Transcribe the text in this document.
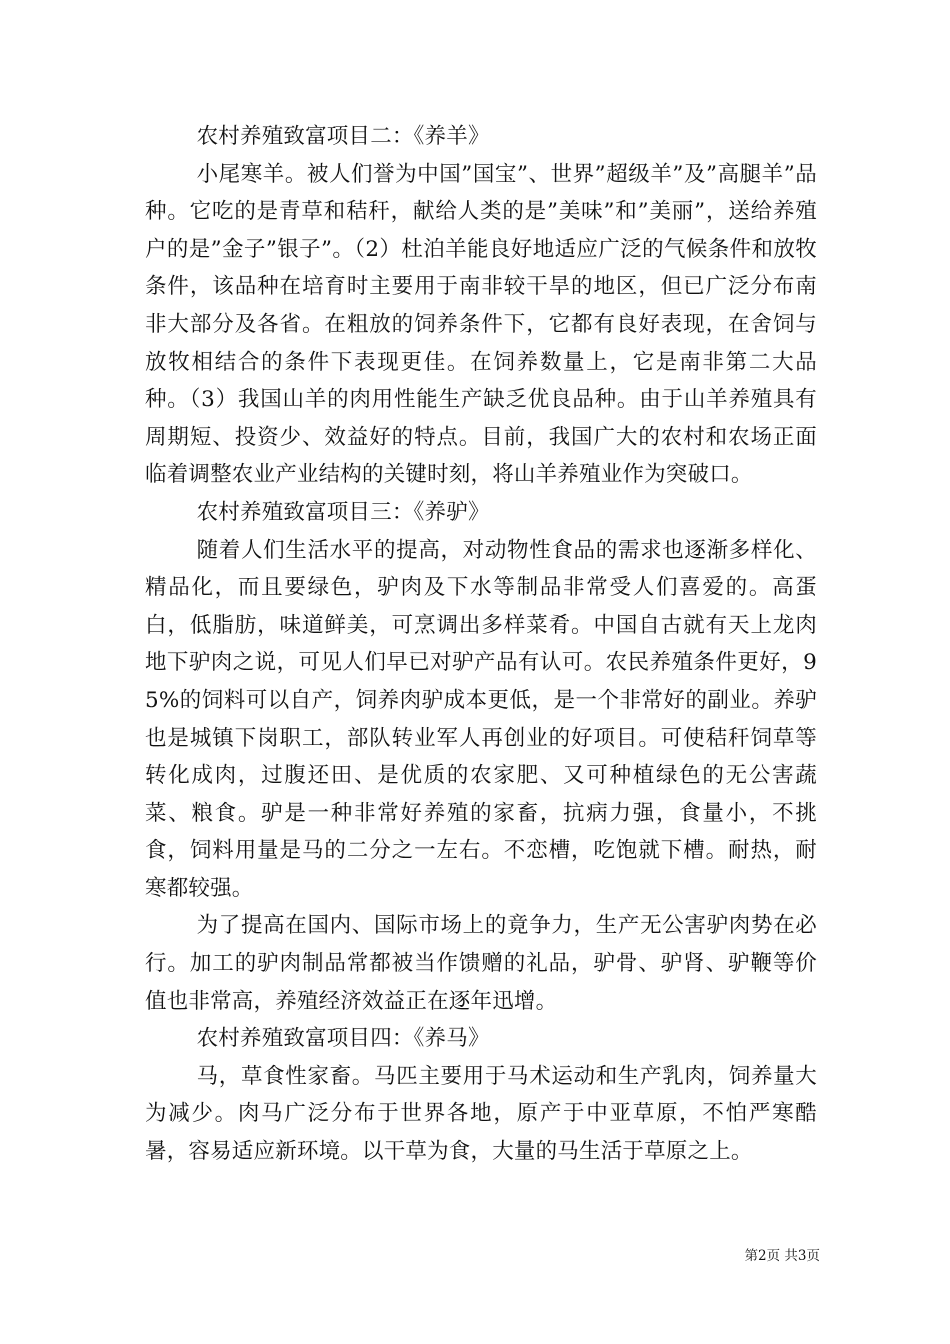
农村养殖致富项目二：《养羊》

小尾寒羊。被人们誉为中国”国宝”、世界”超级羊”及”高腿羊”品种。它吃的是青草和秸秆，献给人类的是”美味”和”美丽”，送给养殖户的是”金子”银子”。（2）杜泊羊能良好地适应广泛的气候条件和放牧条件，该品种在培育时主要用于南非较干旱的地区，但已广泛分布南非大部分及各省。在粗放的饲养条件下，它都有良好表现，在舍饲与放牧相结合的条件下表现更佳。在饲养数量上，它是南非第二大品种。（3）我国山羊的肉用性能生产缺乏优良品种。由于山羊养殖具有周期短、投资少、效益好的特点。目前，我国广大的农村和农场正面临着调整农业产业结构的关键时刻，将山羊养殖业作为突破口。

农村养殖致富项目三：《养驴》

随着人们生活水平的提高，对动物性食品的需求也逐渐多样化、精品化，而且要绿色，驴肉及下水等制品非常受人们喜爱的。高蛋白，低脂肪，味道鲜美，可烹调出多样菜肴。中国自古就有天上龙肉地下驴肉之说，可见人们早已对驴产品有认可。农民养殖条件更好，95%的饲料可以自产，饲养肉驴成本更低，是一个非常好的副业。养驴也是城镇下岗职工，部队转业军人再创业的好项目。可使秸秆饲草等转化成肉，过腹还田、是优质的农家肥、又可种植绿色的无公害蔬菜、粮食。驴是一种非常好养殖的家畜，抗病力强，食量小，不挑食，饲料用量是马的二分之一左右。不恋槽，吃饱就下槽。耐热，耐寒都较强。

为了提高在国内、国际市场上的竟争力，生产无公害驴肉势在必行。加工的驴肉制品常都被当作馈赠的礼品，驴骨、驴肾、驴鞭等价值也非常高，养殖经济效益正在逐年迅增。

农村养殖致富项目四：《养马》

马，草食性家畜。马匹主要用于马术运动和生产乳肉，饲养量大为减少。肉马广泛分布于世界各地，原产于中亚草原，不怕严寒酷暑，容易适应新环境。以干草为食，大量的马生活于草原之上。

第2页 共3页
